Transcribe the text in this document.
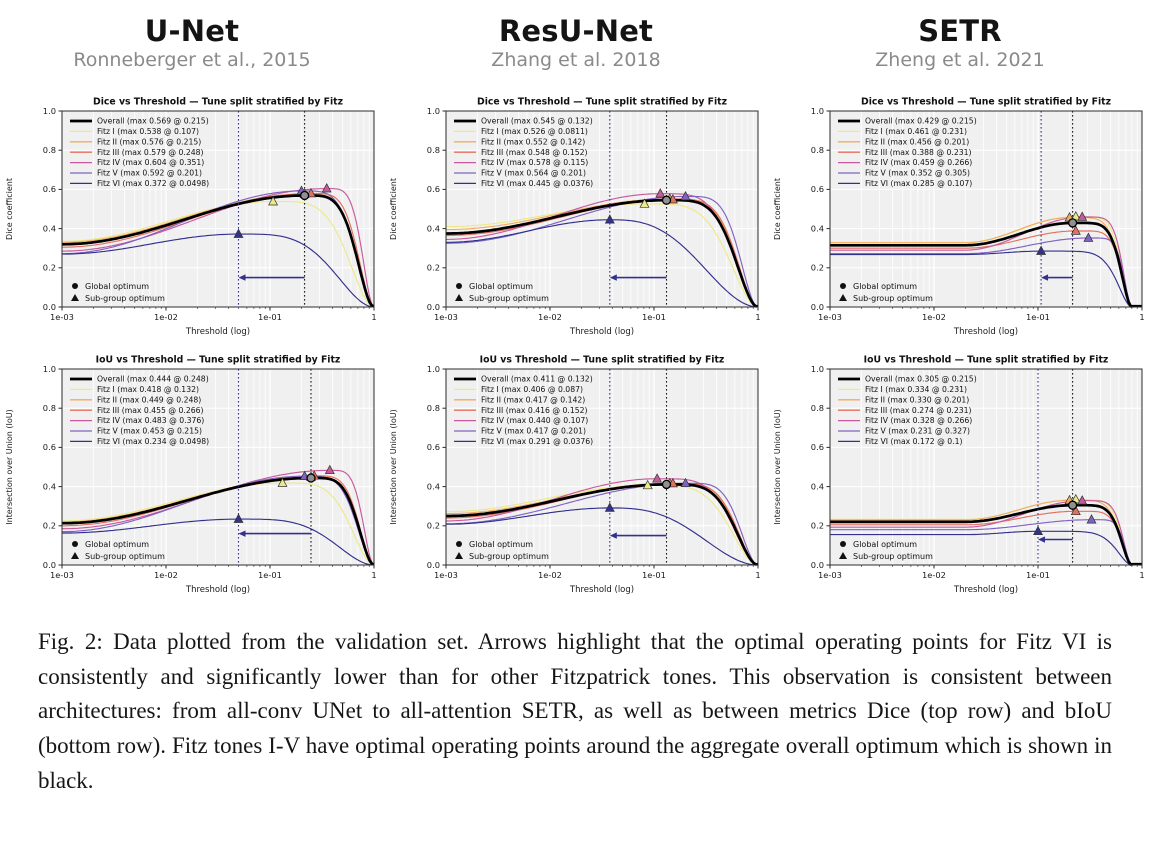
U-Net
Ronneberger et al., 2015
ResU-Net
Zhang et al. 2018
SETR
Zheng et al. 2021
1e-03	1e-02	1e-01	1
0.0
0.2
0.4
0.6
0.8
1.0
Dice vs Threshold — Tune split stratified by Fitz
Threshold (log)
Dice coefficient
Overall (max 0.569 @ 0.215)
Fitz I (max 0.538 @ 0.107)
Fitz II (max 0.576 @ 0.215)
Fitz III (max 0.579 @ 0.248)
Fitz IV (max 0.604 @ 0.351)
Fitz V (max 0.592 @ 0.201)
Fitz VI (max 0.372 @ 0.0498)
Global optimum
Sub-group optimum
1e-03	1e-02	1e-01	1
0.0
0.2
0.4
0.6
0.8
1.0
Dice vs Threshold — Tune split stratified by Fitz
Threshold (log)
Dice coefficient
Overall (max 0.545 @ 0.132)
Fitz I (max 0.526 @ 0.0811)
Fitz II (max 0.552 @ 0.142)
Fitz III (max 0.548 @ 0.152)
Fitz IV (max 0.578 @ 0.115)
Fitz V (max 0.564 @ 0.201)
Fitz VI (max 0.445 @ 0.0376)
Global optimum
Sub-group optimum
1e-03	1e-02	1e-01	1
0.0
0.2
0.4
0.6
0.8
1.0
Dice vs Threshold — Tune split stratified by Fitz
Threshold (log)
Dice coefficient
Overall (max 0.429 @ 0.215)
Fitz I (max 0.461 @ 0.231)
Fitz II (max 0.456 @ 0.201)
Fitz III (max 0.388 @ 0.231)
Fitz IV (max 0.459 @ 0.266)
Fitz V (max 0.352 @ 0.305)
Fitz VI (max 0.285 @ 0.107)
Global optimum
Sub-group optimum
1e-03	1e-02	1e-01	1
0.0
0.2
0.4
0.6
0.8
1.0
IoU vs Threshold — Tune split stratified by Fitz
Threshold (log)
Intersection over Union (IoU)
Overall (max 0.444 @ 0.248)
Fitz I (max 0.418 @ 0.132)
Fitz II (max 0.449 @ 0.248)
Fitz III (max 0.455 @ 0.266)
Fitz IV (max 0.483 @ 0.376)
Fitz V (max 0.453 @ 0.215)
Fitz VI (max 0.234 @ 0.0498)
Global optimum
Sub-group optimum
1e-03	1e-02	1e-01	1
0.0
0.2
0.4
0.6
0.8
1.0
IoU vs Threshold — Tune split stratified by Fitz
Threshold (log)
Intersection over Union (IoU)
Overall (max 0.411 @ 0.132)
Fitz I (max 0.406 @ 0.087)
Fitz II (max 0.417 @ 0.142)
Fitz III (max 0.416 @ 0.152)
Fitz IV (max 0.440 @ 0.107)
Fitz V (max 0.417 @ 0.201)
Fitz VI (max 0.291 @ 0.0376)
Global optimum
Sub-group optimum
1e-03	1e-02	1e-01	1
0.0
0.2
0.4
0.6
0.8
1.0
IoU vs Threshold — Tune split stratified by Fitz
Threshold (log)
Intersection over Union (IoU)
Overall (max 0.305 @ 0.215)
Fitz I (max 0.334 @ 0.231)
Fitz II (max 0.330 @ 0.201)
Fitz III (max 0.274 @ 0.231)
Fitz IV (max 0.328 @ 0.266)
Fitz V (max 0.231 @ 0.327)
Fitz VI (max 0.172 @ 0.1)
Global optimum
Sub-group optimum
Fig. 2: Data plotted from the validation set. Arrows highlight that the optimal operating points for Fitz VI is consistently and significantly lower than for other Fitzpatrick tones. This observation is consistent between architectures: from all-conv UNet to all-attention SETR, as well as between metrics Dice (top row) and bIoU (bottom row). Fitz tones I-V have optimal operating points around the aggregate overall optimum which is shown in black.
